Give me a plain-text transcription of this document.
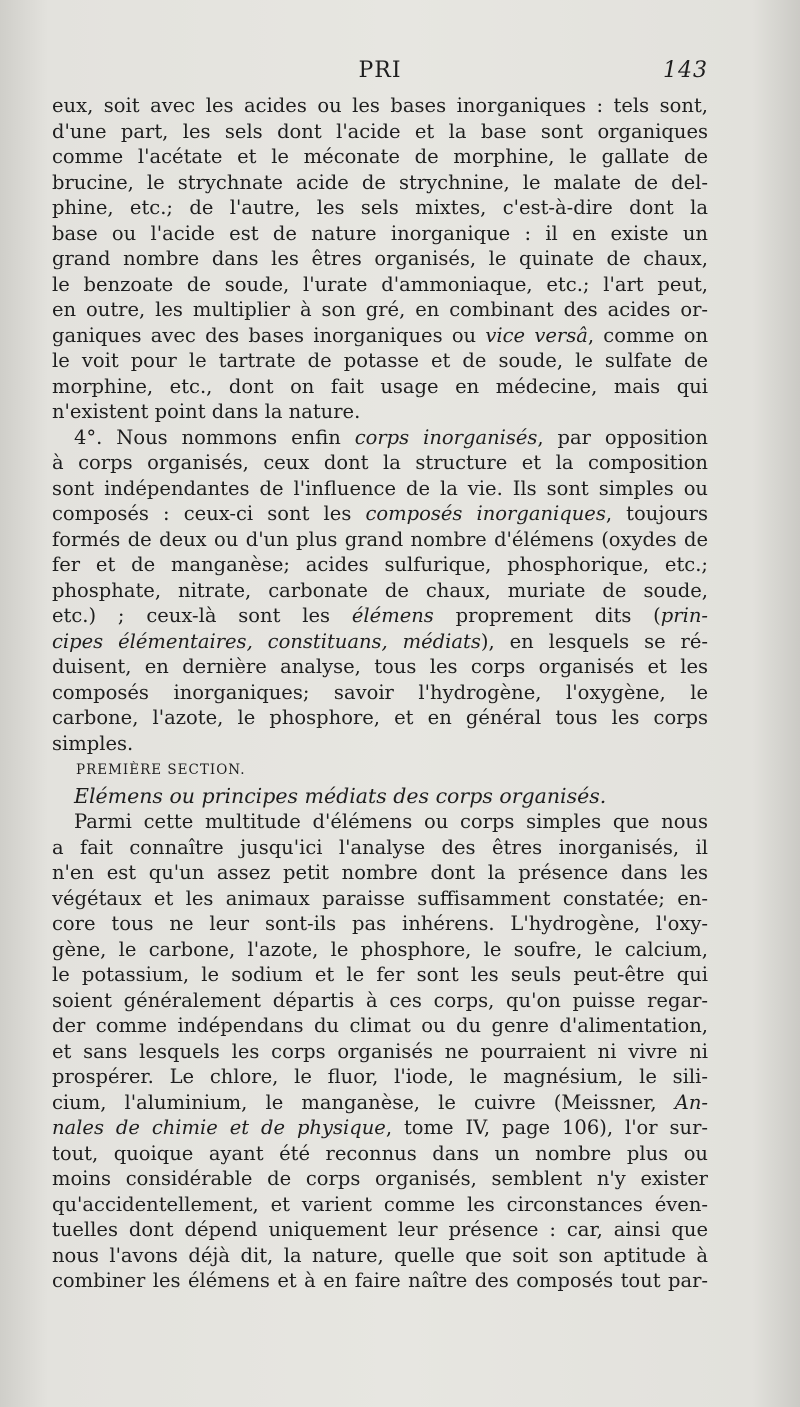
PRI	143
eux, soit avec les acides ou les bases inorganiques : tels sont,
d'une part, les sels dont l'acide et la base sont organiques
comme l'acétate et le méconate de morphine, le gallate de
brucine, le strychnate acide de strychnine, le malate de del-
phine, etc.; de l'autre, les sels mixtes, c'est-à-dire dont la
base ou l'acide est de nature inorganique : il en existe un
grand nombre dans les êtres organisés, le quinate de chaux,
le benzoate de soude, l'urate d'ammoniaque, etc.; l'art peut,
en outre, les multiplier à son gré, en combinant des acides or-
ganiques avec des bases inorganiques ou vice versâ, comme on
le voit pour le tartrate de potasse et de soude, le sulfate de
morphine, etc., dont on fait usage en médecine, mais qui
n'existent point dans la nature.
4°. Nous nommons enfin corps inorganisés, par opposition
à corps organisés, ceux dont la structure et la composition
sont indépendantes de l'influence de la vie. Ils sont simples ou
composés : ceux-ci sont les composés inorganiques, toujours
formés de deux ou d'un plus grand nombre d'élémens (oxydes de
fer et de manganèse; acides sulfurique, phosphorique, etc.;
phosphate, nitrate, carbonate de chaux, muriate de soude,
etc.) ; ceux-là sont les élémens proprement dits (prin-
cipes élémentaires, constituans, médiats), en lesquels se ré-
duisent, en dernière analyse, tous les corps organisés et les
composés inorganiques; savoir l'hydrogène, l'oxygène, le
carbone, l'azote, le phosphore, et en général tous les corps
simples.
PREMIÈRE SECTION.
Elémens ou principes médiats des corps organisés.
Parmi cette multitude d'élémens ou corps simples que nous
a fait connaître jusqu'ici l'analyse des êtres inorganisés, il
n'en est qu'un assez petit nombre dont la présence dans les
végétaux et les animaux paraisse suffisamment constatée; en-
core tous ne leur sont-ils pas inhérens. L'hydrogène, l'oxy-
gène, le carbone, l'azote, le phosphore, le soufre, le calcium,
le potassium, le sodium et le fer sont les seuls peut-être qui
soient généralement départis à ces corps, qu'on puisse regar-
der comme indépendans du climat ou du genre d'alimentation,
et sans lesquels les corps organisés ne pourraient ni vivre ni
prospérer. Le chlore, le fluor, l'iode, le magnésium, le sili-
cium, l'aluminium, le manganèse, le cuivre (Meissner, An-
nales de chimie et de physique, tome IV, page 106), l'or sur-
tout, quoique ayant été reconnus dans un nombre plus ou
moins considérable de corps organisés, semblent n'y exister
qu'accidentellement, et varient comme les circonstances éven-
tuelles dont dépend uniquement leur présence : car, ainsi que
nous l'avons déjà dit, la nature, quelle que soit son aptitude à
combiner les élémens et à en faire naître des composés tout par-
